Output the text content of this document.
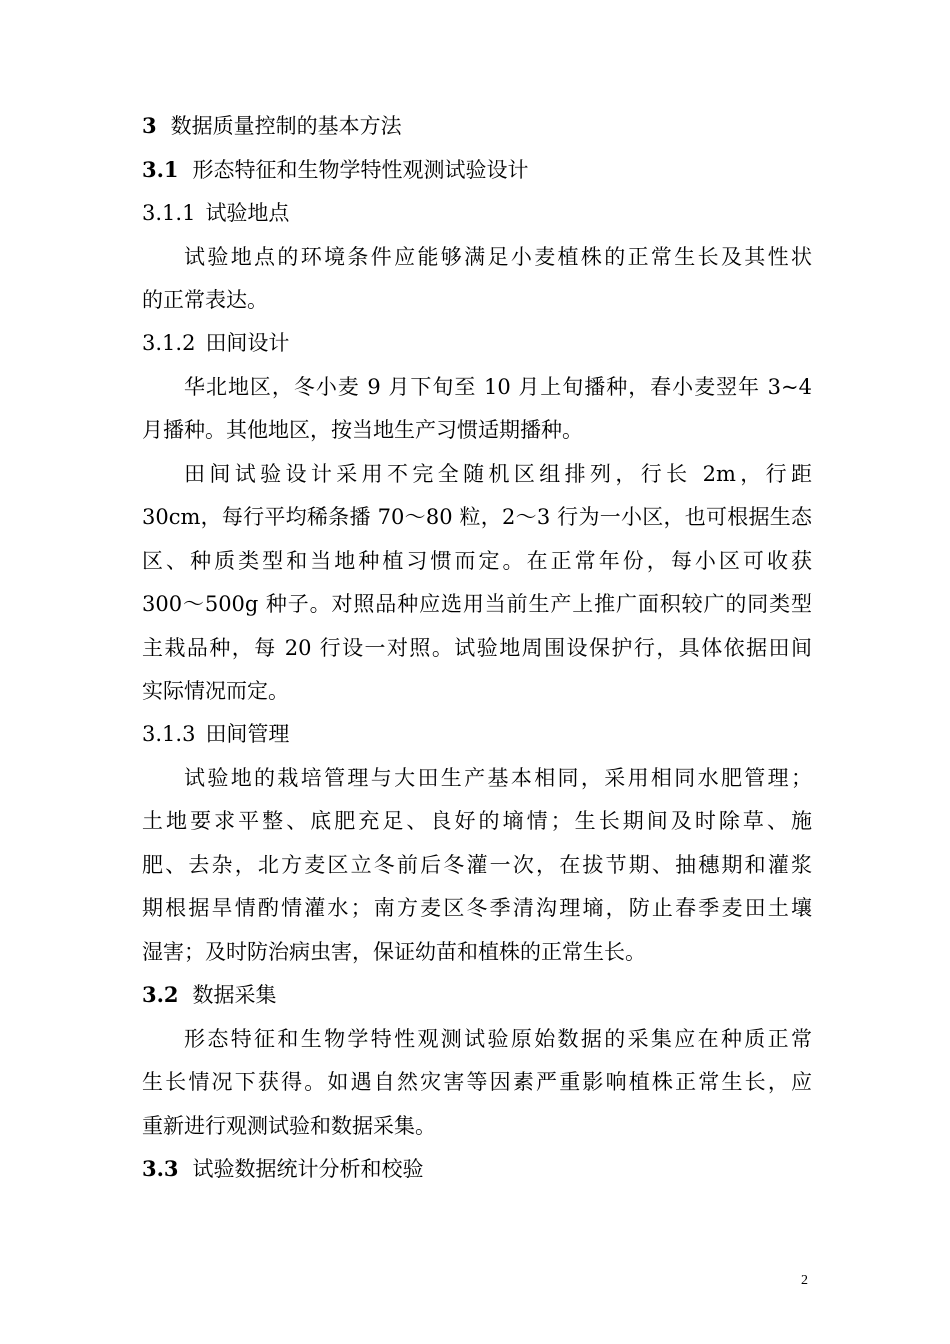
3 数据质量控制的基本方法
3.1 形态特征和生物学特性观测试验设计
3.1.1 试验地点
试验地点的环境条件应能够满足小麦植株的正常生长及其性状
的正常表达。
3.1.2 田间设计
华北地区，冬小麦 9 月下旬至 10 月上旬播种，春小麦翌年 3~4
月播种。其他地区，按当地生产习惯适期播种。
田间试验设计采用不完全随机区组排列，行长 2m，行距
30cm，每行平均稀条播 70～80 粒，2～3 行为一小区，也可根据生态
区、种质类型和当地种植习惯而定。在正常年份，每小区可收获
300～500g 种子。对照品种应选用当前生产上推广面积较广的同类型
主栽品种，每 20 行设一对照。试验地周围设保护行，具体依据田间
实际情况而定。
3.1.3 田间管理
试验地的栽培管理与大田生产基本相同，采用相同水肥管理；
土地要求平整、底肥充足、良好的墒情；生长期间及时除草、施
肥、去杂，北方麦区立冬前后冬灌一次，在拔节期、抽穗期和灌浆
期根据旱情酌情灌水；南方麦区冬季清沟理墒，防止春季麦田土壤
湿害；及时防治病虫害，保证幼苗和植株的正常生长。
3.2 数据采集
形态特征和生物学特性观测试验原始数据的采集应在种质正常
生长情况下获得。如遇自然灾害等因素严重影响植株正常生长，应
重新进行观测试验和数据采集。
3.3 试验数据统计分析和校验
2
